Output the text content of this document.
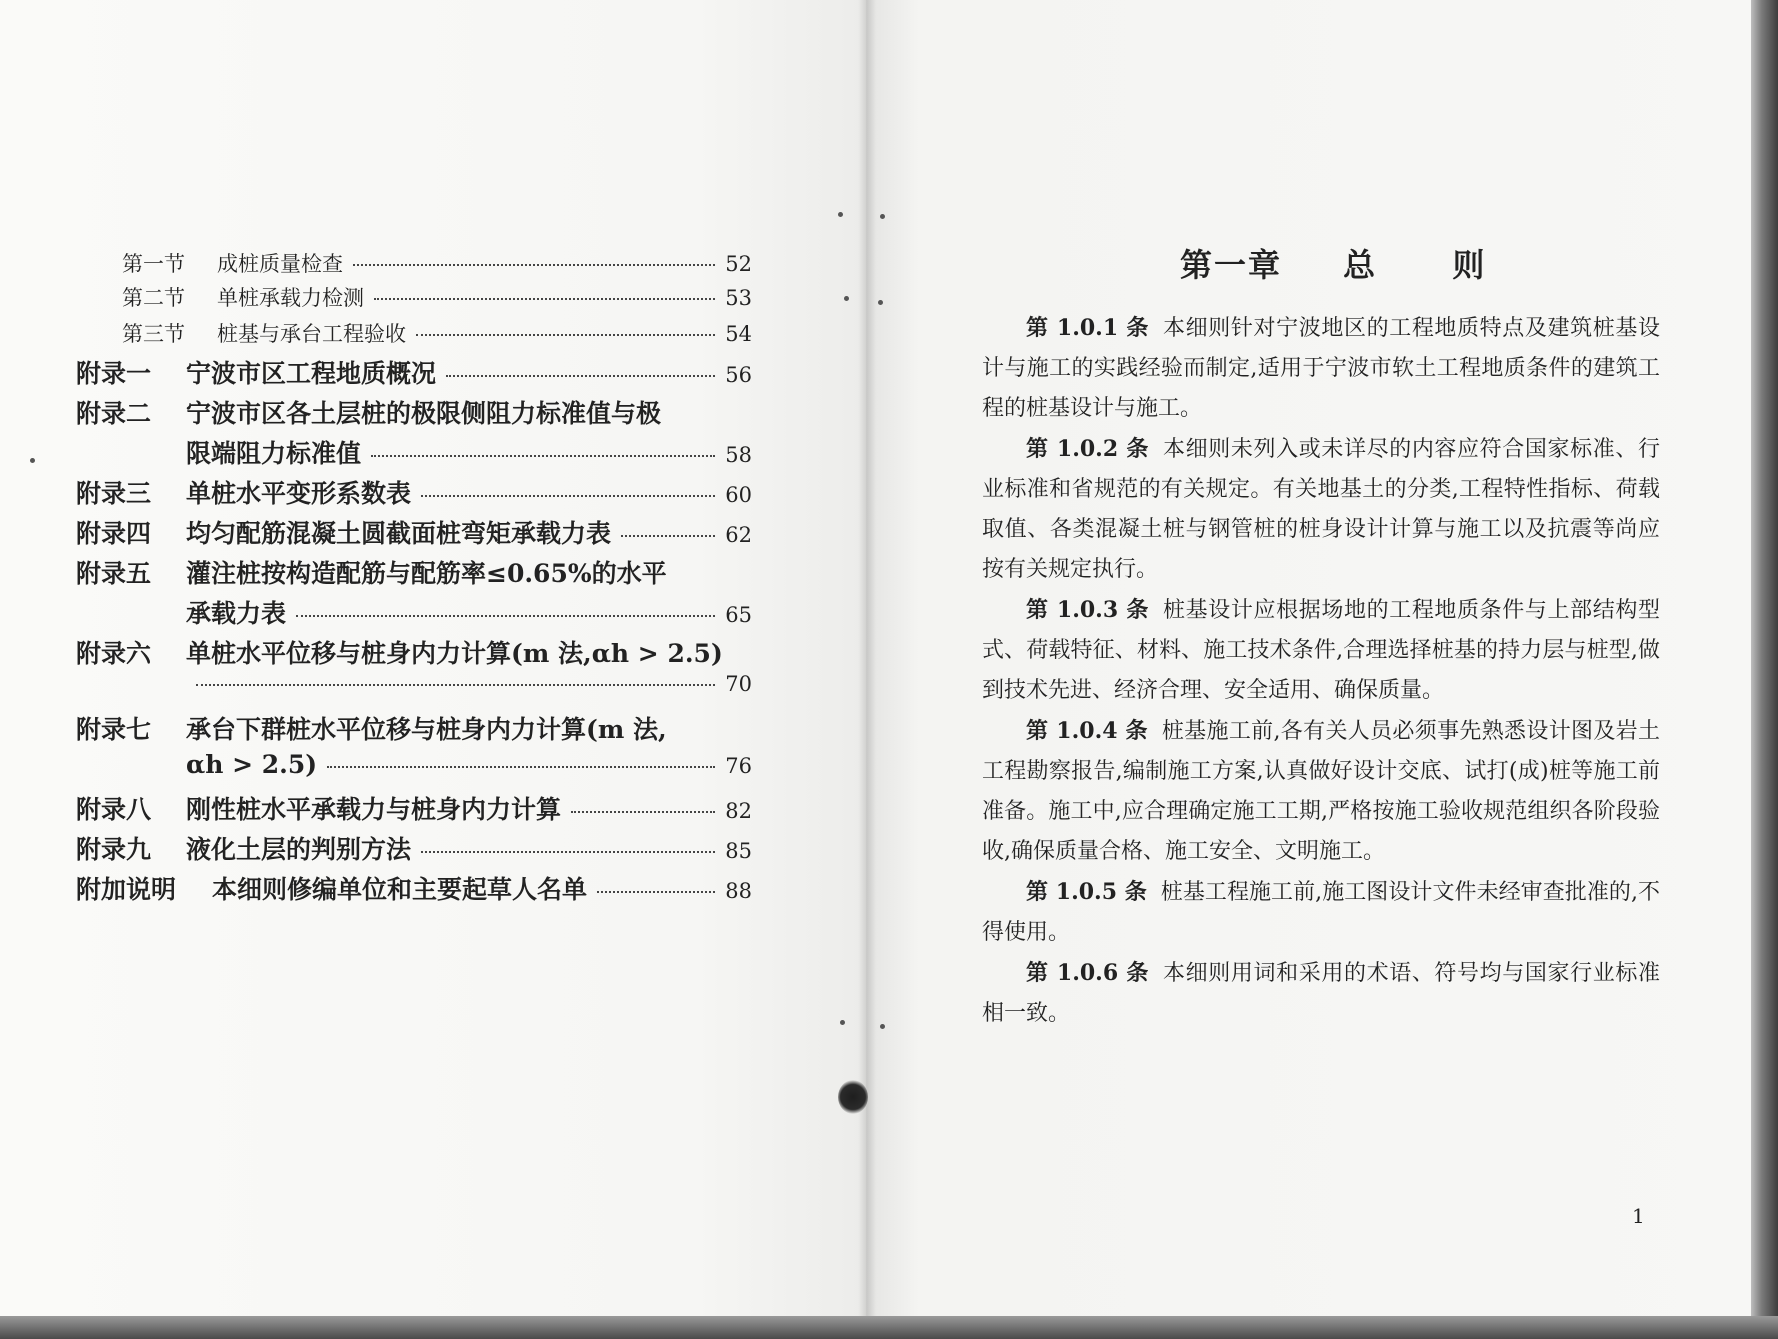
第一节	成桩质量检查	52
第二节	单桩承载力检测	53
第三节	桩基与承台工程验收	54
附录一	宁波市区工程地质概况	56
附录二	宁波市区各土层桩的极限侧阻力标准值与极
限端阻力标准值	58
附录三	单桩水平变形系数表	60
附录四	均匀配筋混凝土圆截面桩弯矩承载力表	62
附录五	灌注桩按构造配筋与配筋率≤0.65%的水平
承载力表	65
附录六	单桩水平位移与桩身内力计算(m 法,αh > 2.5)
70
附录七	承台下群桩水平位移与桩身内力计算(m 法,
αh > 2.5)	76
附录八	刚性桩水平承载力与桩身内力计算	82
附录九	液化土层的判别方法	85
附加说明	本细则修编单位和主要起草人名单	88
第一章 总 则

第 1.0.1 条 本细则针对宁波地区的工程地质特点及建筑桩基设计与施工的实践经验而制定,适用于宁波市软土工程地质条件的建筑工程的桩基设计与施工。

第 1.0.2 条 本细则未列入或未详尽的内容应符合国家标准、行业标准和省规范的有关规定。有关地基土的分类,工程特性指标、荷载取值、各类混凝土桩与钢管桩的桩身设计计算与施工以及抗震等尚应按有关规定执行。

第 1.0.3 条 桩基设计应根据场地的工程地质条件与上部结构型式、荷载特征、材料、施工技术条件,合理选择桩基的持力层与桩型,做到技术先进、经济合理、安全适用、确保质量。

第 1.0.4 条 桩基施工前,各有关人员必须事先熟悉设计图及岩土工程勘察报告,编制施工方案,认真做好设计交底、试打(成)桩等施工前准备。施工中,应合理确定施工工期,严格按施工验收规范组织各阶段验收,确保质量合格、施工安全、文明施工。

第 1.0.5 条 桩基工程施工前,施工图设计文件未经审查批准的,不得使用。

第 1.0.6 条 本细则用词和采用的术语、符号均与国家行业标准相一致。

1
